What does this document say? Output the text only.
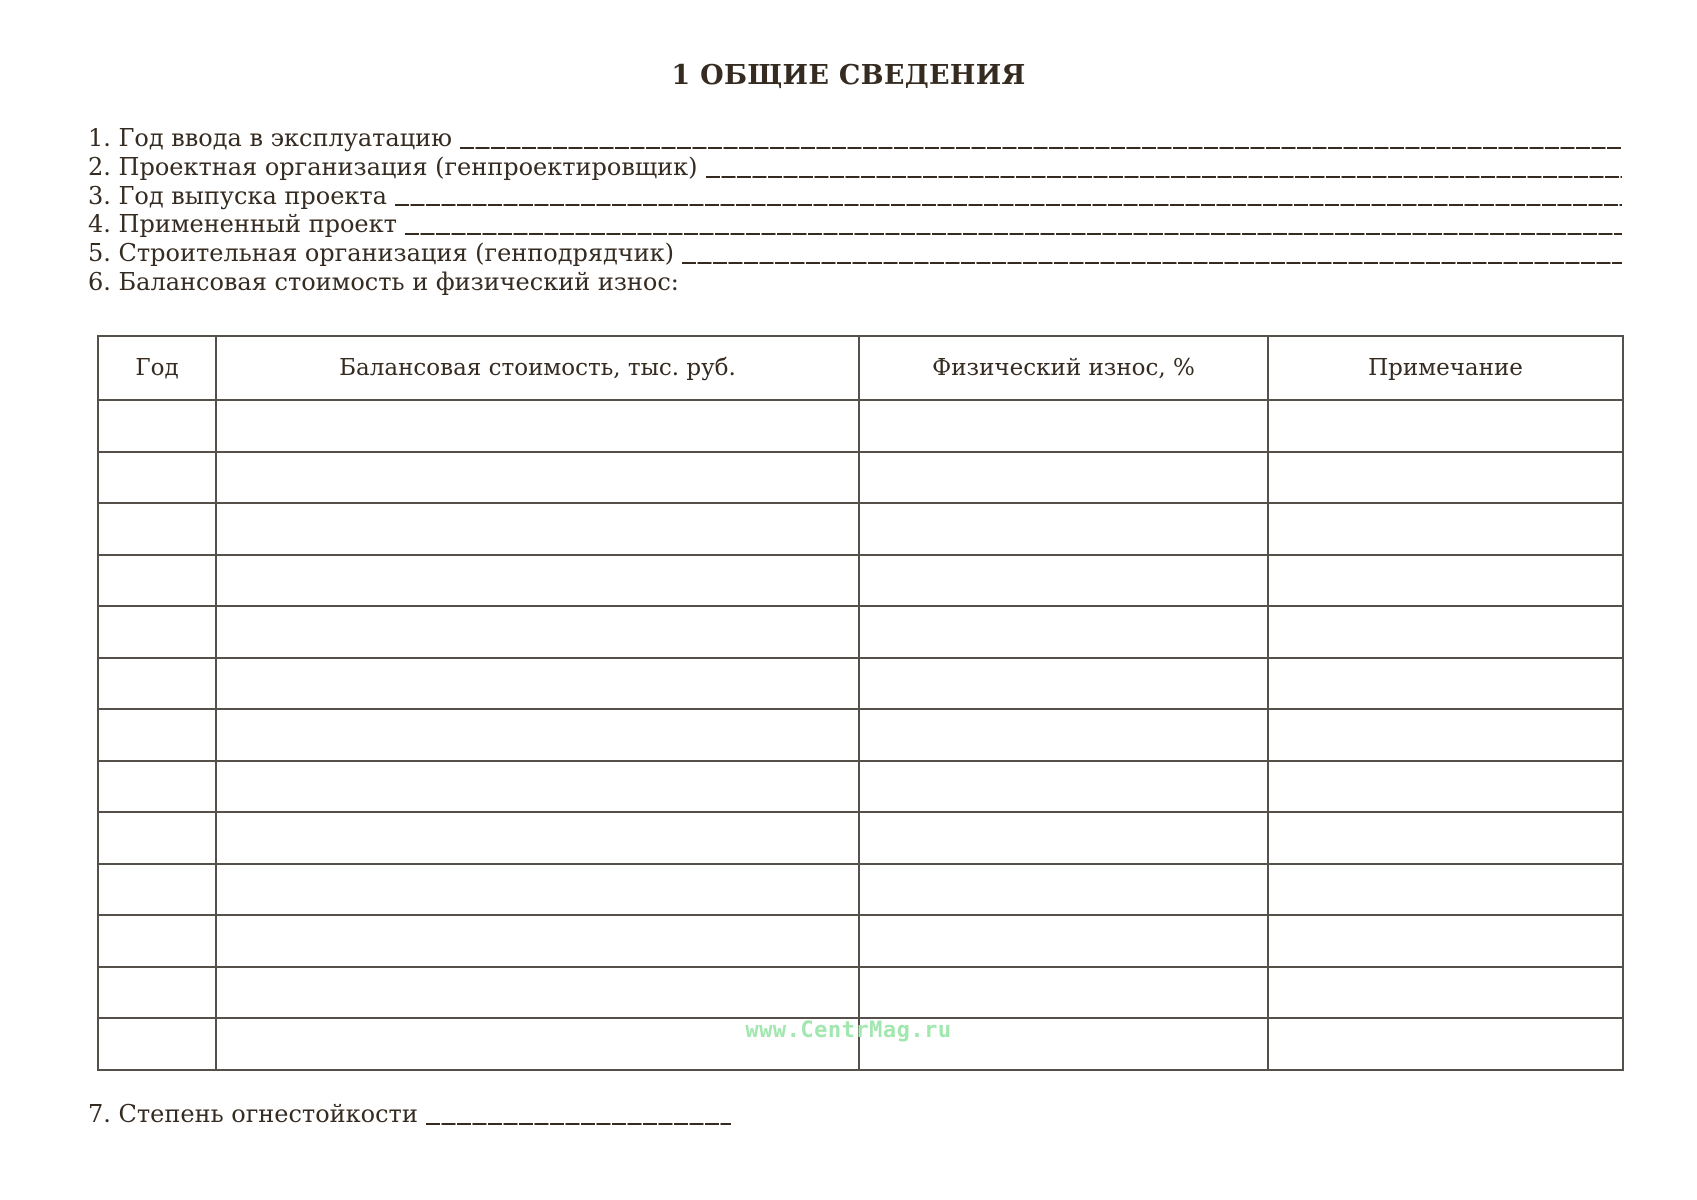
1 ОБЩИЕ СВЕДЕНИЯ
1. Год ввода в эксплуатацию
2. Проектная организация (генпроектировщик)
3. Год выпуска проекта
4. Примененный проект
5. Строительная организация (генподрядчик)
6. Балансовая стоимость и физический износ:
Год	Балансовая стоимость, тыс. руб.	Физический износ, %	Примечание

www.CentrMag.ru
7. Степень огнестойкости
